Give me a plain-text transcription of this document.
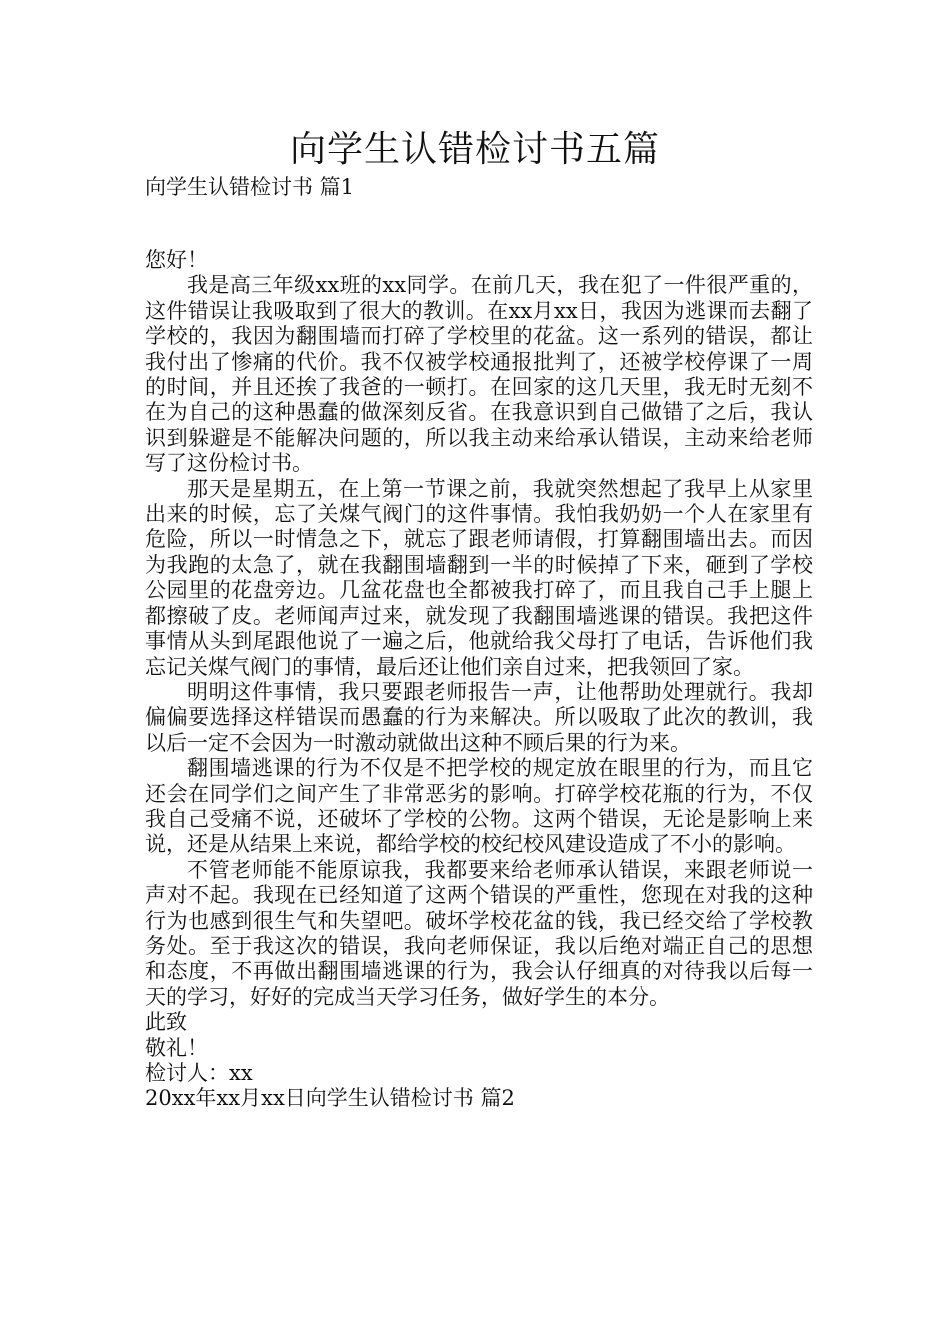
向学生认错检讨书五篇
向学生认错检讨书 篇1

您好！

我是高三年级xx班的xx同学。在前几天，我在犯了一件很严重的，这件错误让我吸取到了很大的教训。在xx月xx日，我因为逃课而去翻了学校的，我因为翻围墙而打碎了学校里的花盆。这一系列的错误，都让我付出了惨痛的代价。我不仅被学校通报批判了，还被学校停课了一周的时间，并且还挨了我爸的一顿打。在回家的这几天里，我无时无刻不在为自己的这种愚蠢的做深刻反省。在我意识到自己做错了之后，我认识到躲避是不能解决问题的，所以我主动来给承认错误，主动来给老师写了这份检讨书。

那天是星期五，在上第一节课之前，我就突然想起了我早上从家里出来的时候，忘了关煤气阀门的这件事情。我怕我奶奶一个人在家里有危险，所以一时情急之下，就忘了跟老师请假，打算翻围墙出去。而因为我跑的太急了，就在我翻围墙翻到一半的时候掉了下来，砸到了学校公园里的花盘旁边。几盆花盘也全都被我打碎了，而且我自己手上腿上都擦破了皮。老师闻声过来，就发现了我翻围墙逃课的错误。我把这件事情从头到尾跟他说了一遍之后，他就给我父母打了电话，告诉他们我忘记关煤气阀门的事情，最后还让他们亲自过来，把我领回了家。

明明这件事情，我只要跟老师报告一声，让他帮助处理就行。我却偏偏要选择这样错误而愚蠢的行为来解决。所以吸取了此次的教训，我以后一定不会因为一时激动就做出这种不顾后果的行为来。

翻围墙逃课的行为不仅是不把学校的规定放在眼里的行为，而且它还会在同学们之间产生了非常恶劣的影响。打碎学校花瓶的行为，不仅我自己受痛不说，还破坏了学校的公物。这两个错误，无论是影响上来说，还是从结果上来说，都给学校的校纪校风建设造成了不小的影响。

不管老师能不能原谅我，我都要来给老师承认错误，来跟老师说一声对不起。我现在已经知道了这两个错误的严重性，您现在对我的这种行为也感到很生气和失望吧。破坏学校花盆的钱，我已经交给了学校教务处。至于我这次的错误，我向老师保证，我以后绝对端正自己的思想和态度，不再做出翻围墙逃课的行为，我会认仔细真的对待我以后每一天的学习，好好的完成当天学习任务，做好学生的本分。

此致

敬礼！

检讨人：xx

20xx年xx月xx日向学生认错检讨书 篇2
